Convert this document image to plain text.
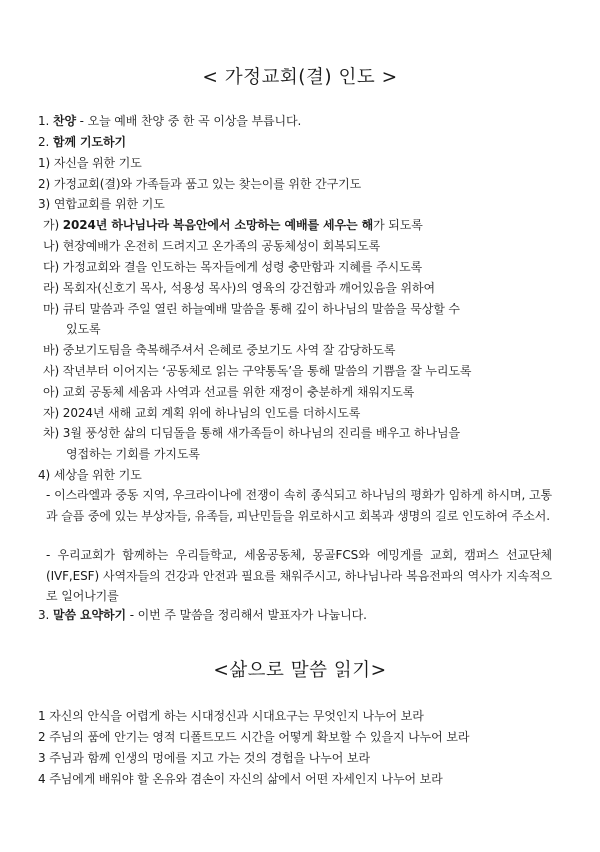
< 가정교회(결) 인도 >
1. 찬양 - 오늘 예배 찬양 중 한 곡 이상을 부릅니다.
2. 함께 기도하기
1) 자신을 위한 기도
2) 가정교회(결)와 가족들과 품고 있는 찾는이를 위한 간구기도
3) 연합교회를 위한 기도
가) 2024년 하나님나라 복음안에서 소망하는 예배를 세우는 해가 되도록
나) 현장예배가 온전히 드려지고 온가족의 공동체성이 회복되도록
다) 가정교회와 결을 인도하는 목자들에게 성령 충만함과 지혜를 주시도록
라) 목회자(신호기 목사, 석용성 목사)의 영육의 강건함과 깨어있음을 위하여
마) 큐티 말씀과 주일 열린 하늘예배 말씀을 통해 깊이 하나님의 말씀을 묵상할 수
있도록
바) 중보기도팀을 축복해주셔서 은혜로 중보기도 사역 잘 감당하도록
사) 작년부터 이어지는 ‘공동체로 읽는 구약통독’을 통해 말씀의 기쁨을 잘 누리도록
아) 교회 공동체 세움과 사역과 선교를 위한 재정이 충분하게 채워지도록
자) 2024년 새해 교회 계획 위에 하나님의 인도를 더하시도록
차) 3월 풍성한 삶의 디딤돌을 통해 새가족들이 하나님의 진리를 배우고 하나님을
영접하는 기회를 가지도록
4) 세상을 위한 기도
- 이스라엘과 중동 지역, 우크라이나에 전쟁이 속히 종식되고 하나님의 평화가 임하게 하시며, 고통과 슬픔 중에 있는 부상자들, 유족들, 피난민들을 위로하시고 회복과 생명의 길로 인도하여 주소서.
- 우리교회가 함께하는 우리들학교, 세움공동체, 몽골FCS와 에밍게를 교회, 캠퍼스 선교단체(IVF,ESF) 사역자들의 건강과 안전과 필요를 채워주시고, 하나님나라 복음전파의 역사가 지속적으로 일어나기를
3. 말씀 요약하기 - 이번 주 말씀을 정리해서 발표자가 나눕니다.
<삶으로 말씀 읽기>
1 자신의 안식을 어렵게 하는 시대정신과 시대요구는 무엇인지 나누어 보라
2 주님의 품에 안기는 영적 디폴트모드 시간을 어떻게 확보할 수 있을지 나누어 보라
3 주님과 함께 인생의 멍에를 지고 가는 것의 경험을 나누어 보라
4 주님에게 배워야 할 온유와 겸손이 자신의 삶에서 어떤 자세인지 나누어 보라
